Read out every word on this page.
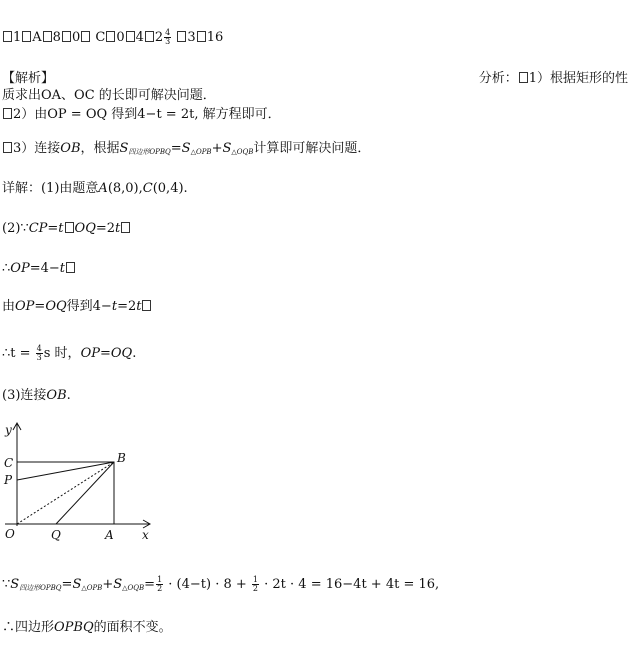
1 A 8 0 C 0 4 $2 \frac{4}{3} 3$ 16
【解析】	分析： 1）根据矩形的性
质求出OA、OC 的长即可解决问题．
2）由OP = OQ 得到4−t = 2t, 解方程即可．
3）连接OB，根据$S_{四边形OPBQ}=S_{\triangle OPB}+S_{\triangle OQB}$计算即可解决问题．
详解：(1)由题意A(8,0),C(0,4).
(2)∵CP=t OQ=2t
∴OP=4−t
由OP=OQ得到4−t=2t
∴t = $\frac{4}{3}$ s 时，OP=OQ.
(3)连接OB.
y
x
C
P
B
O	Q	A
$\because S_{四边形OPBQ}=S_{\triangle OPB}+S_{\triangle OQB}= \frac{1}{2} \cdot (4-t) \cdot 8 + \frac{1}{2} \cdot 2t \cdot 4 = 16-4t + 4t = 16$,
∴四边形OPBQ的面积不变。
